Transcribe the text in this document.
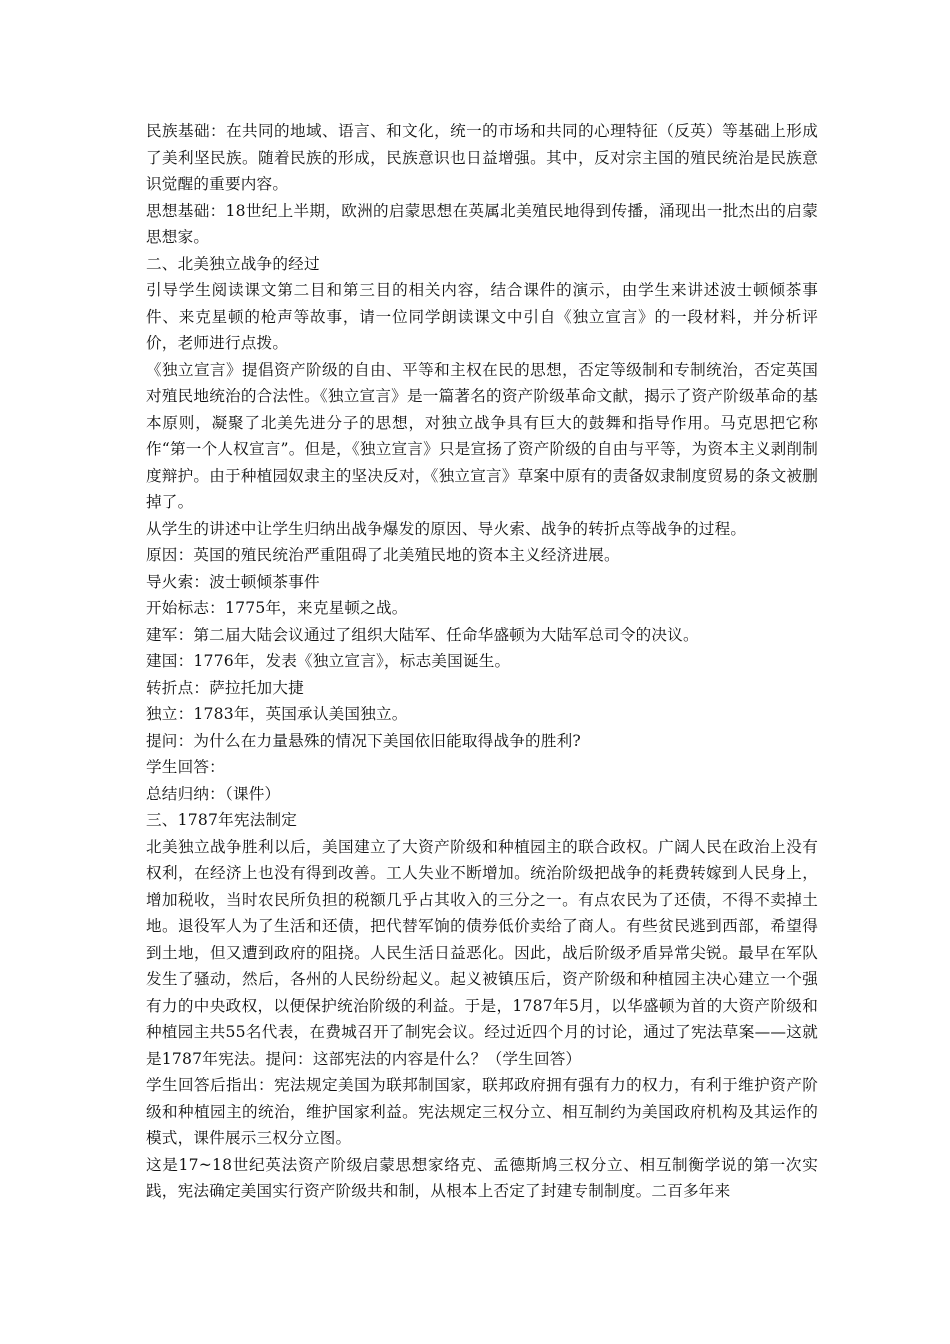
民族基础：在共同的地域、语言、和文化，统一的市场和共同的心理特征（反英）等基础上形成了美利坚民族。随着民族的形成，民族意识也日益增强。其中，反对宗主国的殖民统治是民族意识觉醒的重要内容。

思想基础：18世纪上半期，欧洲的启蒙思想在英属北美殖民地得到传播，涌现出一批杰出的启蒙思想家。

二、北美独立战争的经过

引导学生阅读课文第二目和第三目的相关内容，结合课件的演示，由学生来讲述波士顿倾茶事件、来克星顿的枪声等故事，请一位同学朗读课文中引自《独立宣言》的一段材料，并分析评价，老师进行点拨。

《独立宣言》提倡资产阶级的自由、平等和主权在民的思想，否定等级制和专制统治，否定英国对殖民地统治的合法性。《独立宣言》是一篇著名的资产阶级革命文献，揭示了资产阶级革命的基本原则，凝聚了北美先进分子的思想，对独立战争具有巨大的鼓舞和指导作用。马克思把它称作“第一个人权宣言”。但是，《独立宣言》只是宣扬了资产阶级的自由与平等，为资本主义剥削制度辩护。由于种植园奴隶主的坚决反对，《独立宣言》草案中原有的责备奴隶制度贸易的条文被删掉了。

从学生的讲述中让学生归纳出战争爆发的原因、导火索、战争的转折点等战争的过程。

原因：英国的殖民统治严重阻碍了北美殖民地的资本主义经济进展。

导火索：波士顿倾茶事件

开始标志：1775年，来克星顿之战。

建军：第二届大陆会议通过了组织大陆军、任命华盛顿为大陆军总司令的决议。

建国：1776年，发表《独立宣言》，标志美国诞生。

转折点：萨拉托加大捷

独立：1783年，英国承认美国独立。

提问：为什么在力量悬殊的情况下美国依旧能取得战争的胜利?

学生回答：

总结归纳：（课件）

三、1787年宪法制定

北美独立战争胜利以后，美国建立了大资产阶级和种植园主的联合政权。广阔人民在政治上没有权利，在经济上也没有得到改善。工人失业不断增加。统治阶级把战争的耗费转嫁到人民身上，增加税收，当时农民所负担的税额几乎占其收入的三分之一。有点农民为了还债，不得不卖掉土地。退役军人为了生活和还债，把代替军饷的债券低价卖给了商人。有些贫民逃到西部，希望得到土地，但又遭到政府的阻挠。人民生活日益恶化。因此，战后阶级矛盾异常尖锐。最早在军队发生了骚动，然后，各州的人民纷纷起义。起义被镇压后，资产阶级和种植园主决心建立一个强有力的中央政权，以便保护统治阶级的利益。于是，1787年5月，以华盛顿为首的大资产阶级和种植园主共55名代表，在费城召开了制宪会议。经过近四个月的讨论，通过了宪法草案——这就是1787年宪法。提问：这部宪法的内容是什么？（学生回答）

学生回答后指出：宪法规定美国为联邦制国家，联邦政府拥有强有力的权力，有利于维护资产阶级和种植园主的统治，维护国家利益。宪法规定三权分立、相互制约为美国政府机构及其运作的模式，课件展示三权分立图。

这是17~18世纪英法资产阶级启蒙思想家络克、孟德斯鸠三权分立、相互制衡学说的第一次实践，宪法确定美国实行资产阶级共和制，从根本上否定了封建专制制度。二百多年来
